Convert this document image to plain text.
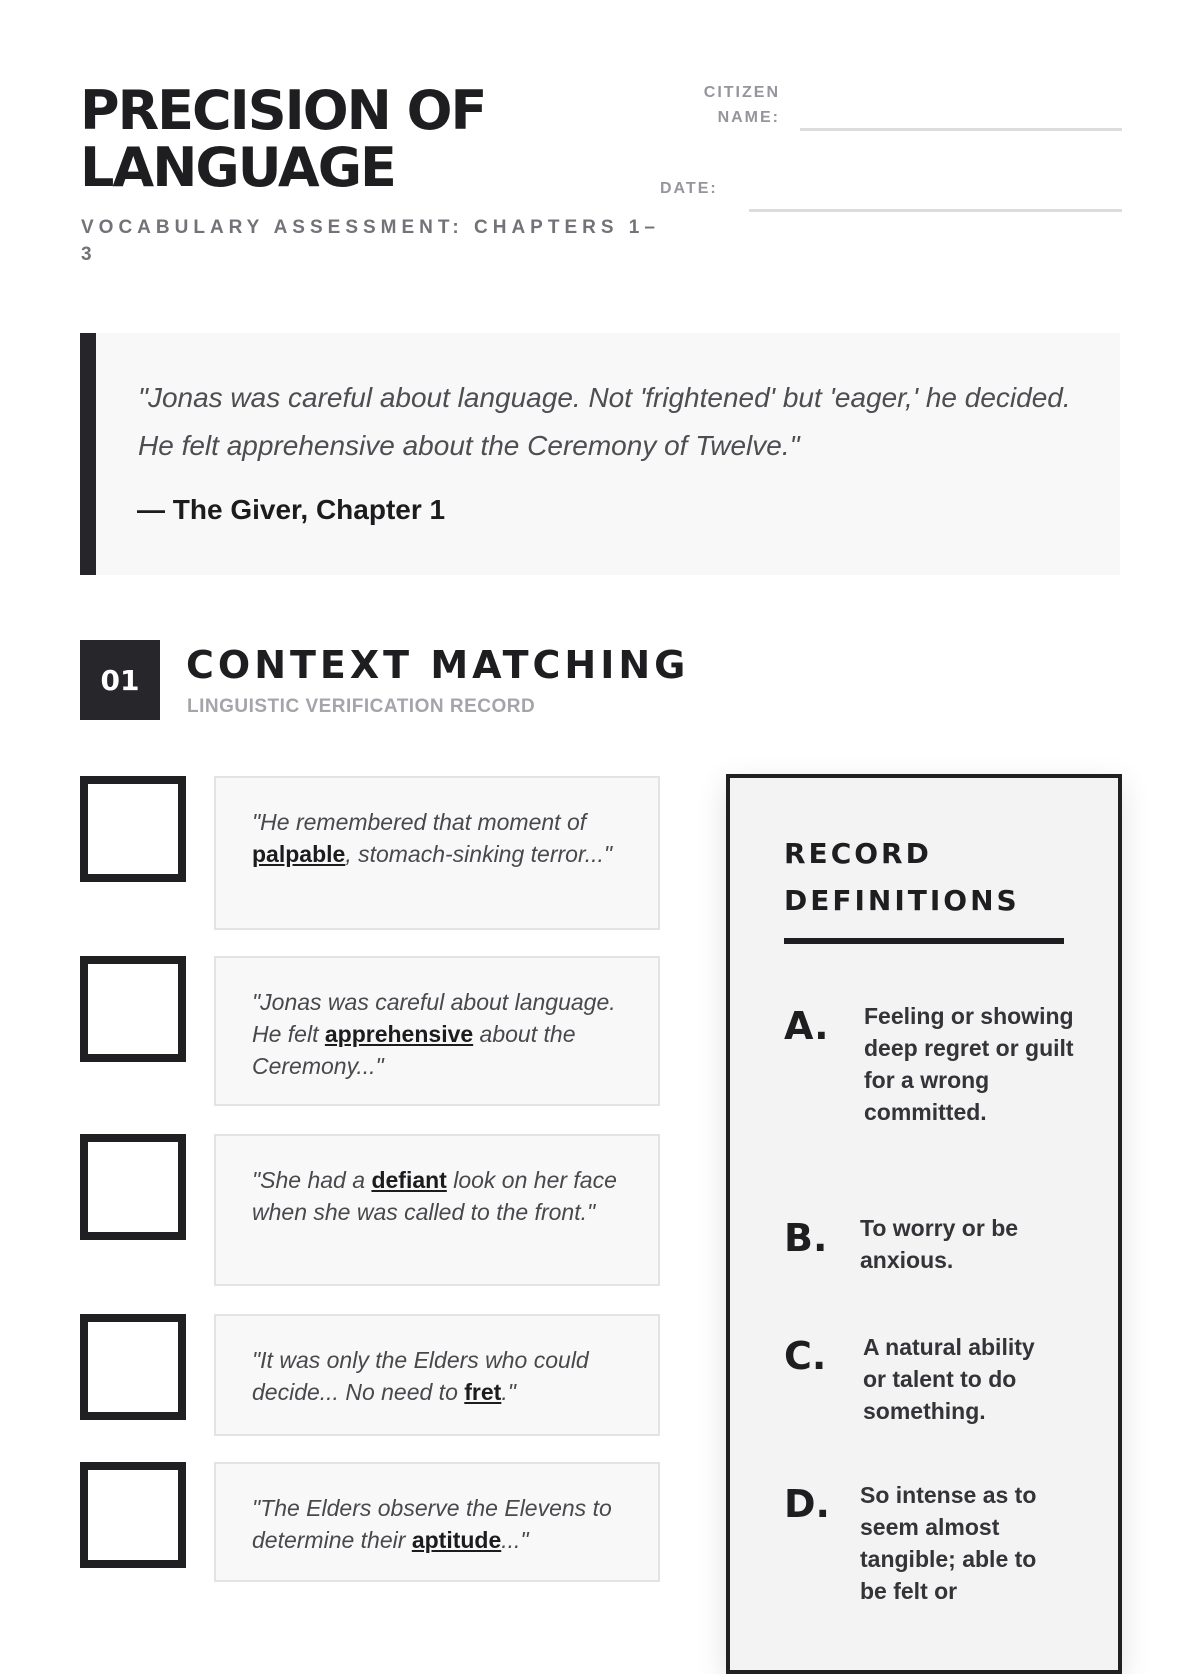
PRECISION OF LANGUAGE
VOCABULARY ASSESSMENT: CHAPTERS 1–3
CITIZEN NAME:
DATE:
"Jonas was careful about language. Not 'frightened' but 'eager,' he decided. He felt apprehensive about the Ceremony of Twelve."
— The Giver, Chapter 1
01	CONTEXT MATCHING
LINGUISTIC VERIFICATION RECORD
"He remembered that moment of palpable, stomach-sinking terror..."
"Jonas was careful about language. He felt apprehensive about the Ceremony..."
"She had a defiant look on her face when she was called to the front."
"It was only the Elders who could decide... No need to fret."
"The Elders observe the Elevens to determine their aptitude..."
RECORD DEFINITIONS
A. Feeling or showing deep regret or guilt for a wrong committed.
B. To worry or be anxious.
C. A natural ability or talent to do something.
D. So intense as to seem almost tangible; able to be felt or
